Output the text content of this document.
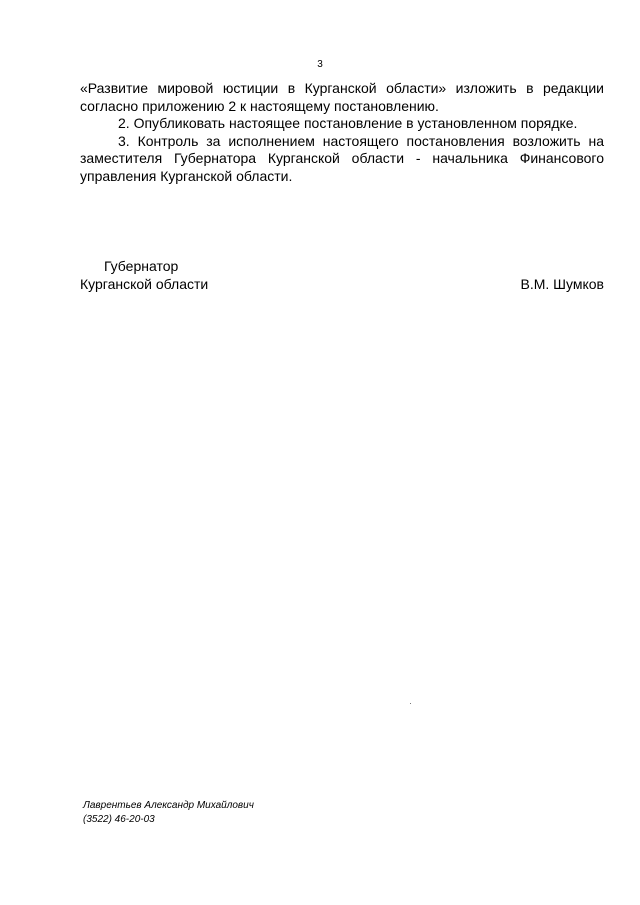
3

«Развитие мировой юстиции в Курганской области» изложить в редакции согласно приложению 2 к настоящему постановлению.

2. Опубликовать настоящее постановление в установленном порядке.

3. Контроль за исполнением настоящего постановления возложить на заместителя Губернатора Курганской области - начальника Финансового управления Курганской области.

Губернатор
Курганской области	В.М. Шумков
Лаврентьев Александр Михайлович
(3522) 46-20-03
